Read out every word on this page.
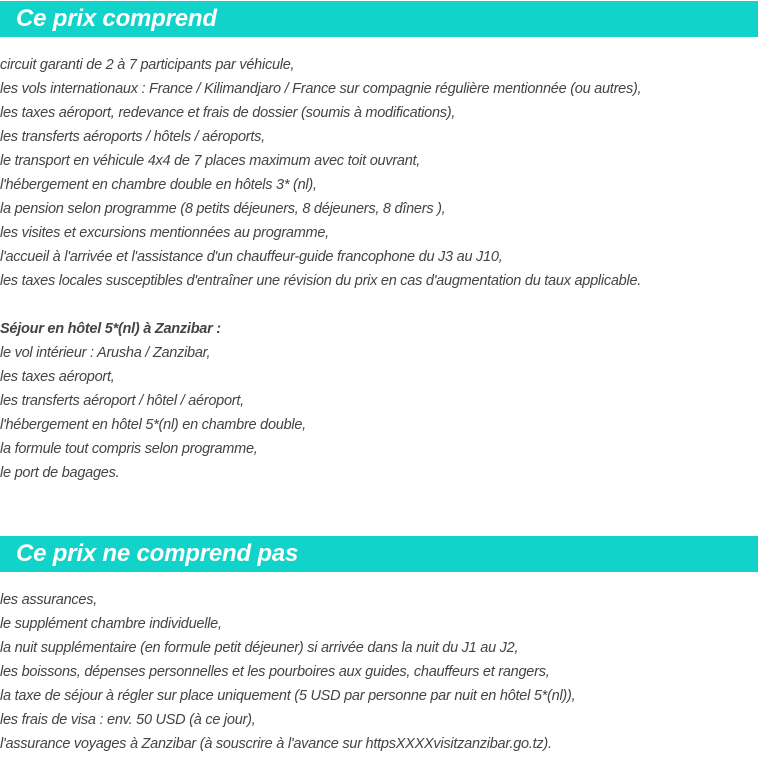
Ce prix comprend
circuit garanti de 2 à 7 participants par véhicule,
les vols internationaux : France / Kilimandjaro / France sur compagnie régulière mentionnée (ou autres),
les taxes aéroport, redevance et frais de dossier (soumis à modifications),
les transferts aéroports / hôtels / aéroports,
le transport en véhicule 4x4 de 7 places maximum avec toit ouvrant,
l'hébergement en chambre double en hôtels 3* (nl),
la pension selon programme (8 petits déjeuners, 8 déjeuners, 8 dîners ),
les visites et excursions mentionnées au programme,
l'accueil à l'arrivée et l'assistance d'un chauffeur-guide francophone du J3 au J10,
les taxes locales susceptibles d'entraîner une révision du prix en cas d'augmentation du taux applicable.

Séjour en hôtel 5*(nl) à Zanzibar :

le vol intérieur : Arusha / Zanzibar,
les taxes aéroport,
les transferts aéroport / hôtel / aéroport,
l'hébergement en hôtel 5*(nl) en chambre double,
la formule tout compris selon programme,
le port de bagages.
Ce prix ne comprend pas
les assurances,
le supplément chambre individuelle,
la nuit supplémentaire (en formule petit déjeuner) si arrivée dans la nuit du J1 au J2,
les boissons, dépenses personnelles et les pourboires aux guides, chauffeurs et rangers,
la taxe de séjour à régler sur place uniquement (5 USD par personne par nuit en hôtel 5*(nl)),
les frais de visa : env. 50 USD (à ce jour),
l'assurance voyages à Zanzibar (à souscrire à l'avance sur httpsXXXXvisitzanzibar.go.tz).
